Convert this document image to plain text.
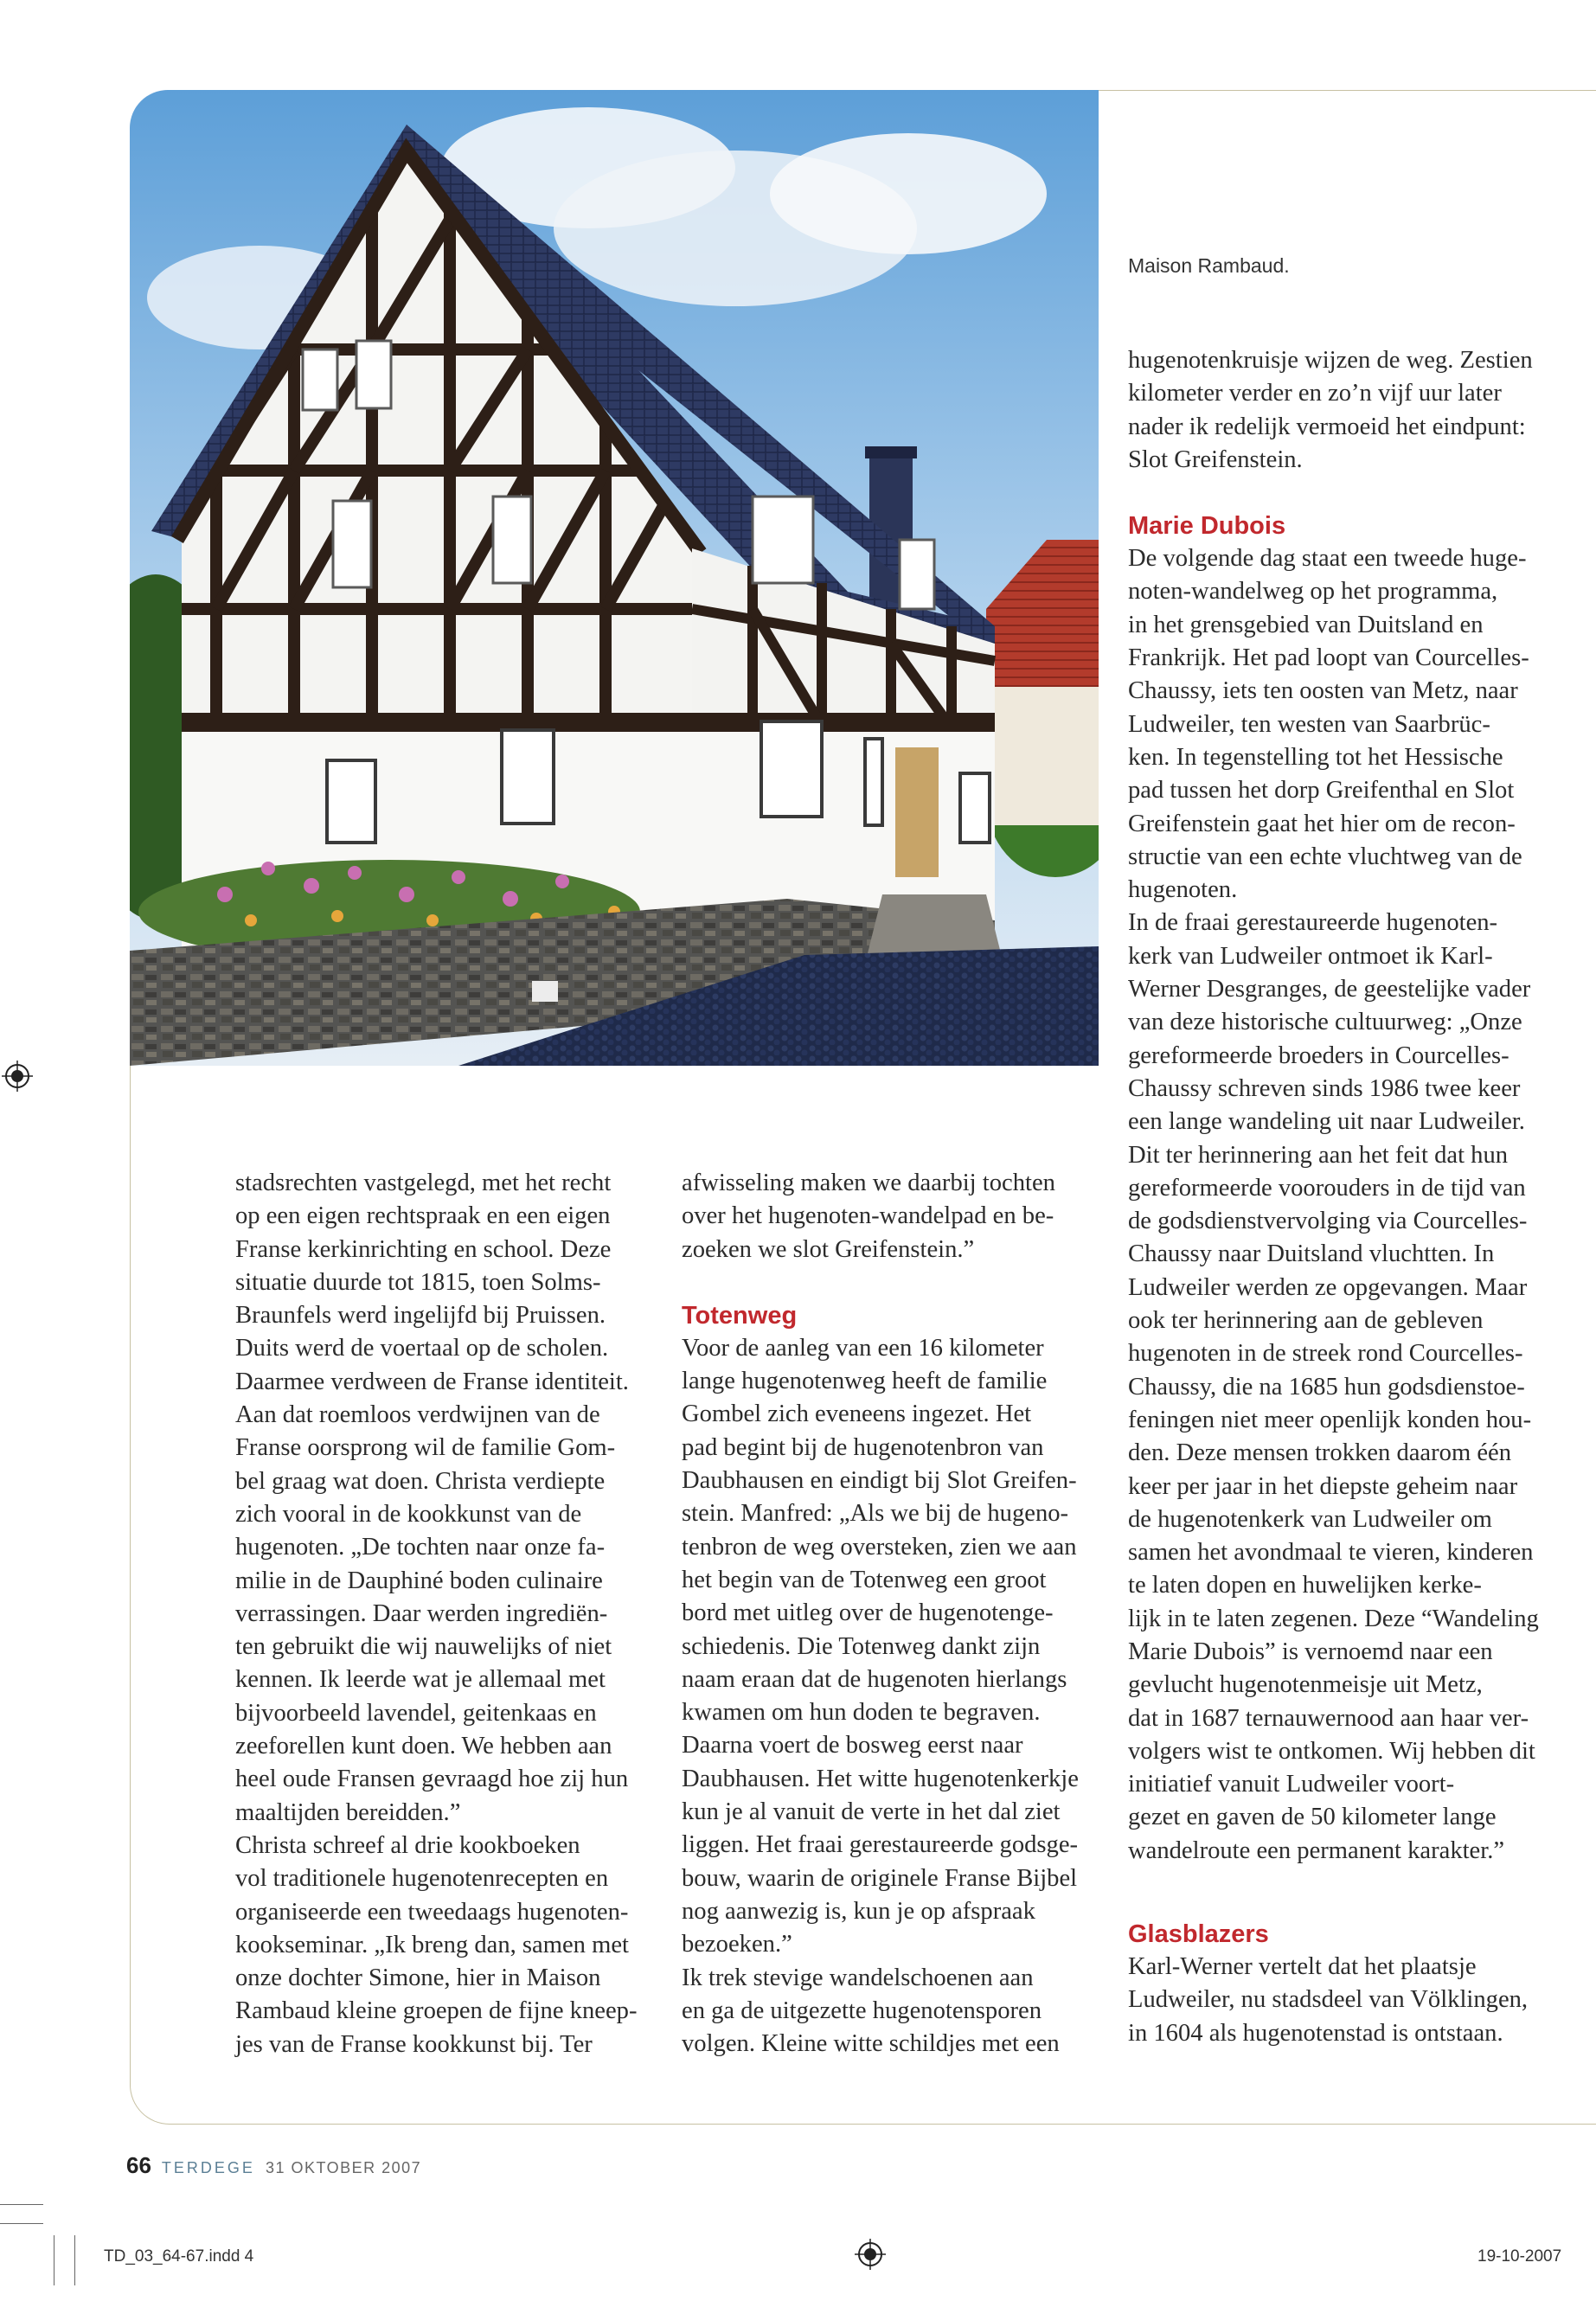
Maison Rambaud.

stadsrechten vastgelegd, met het recht

op een eigen rechtspraak en een eigen

Franse kerkinrichting en school. Deze

situatie duurde tot 1815, toen Solms-

Braunfels werd ingelijfd bij Pruissen.

Duits werd de voertaal op de scholen.

Daarmee verdween de Franse identiteit.

Aan dat roemloos verdwijnen van de

Franse oorsprong wil de familie Gom-

bel graag wat doen. Christa verdiepte

zich vooral in de kookkunst van de

hugenoten. „De tochten naar onze fa-

milie in de Dauphiné boden culinaire

verrassingen. Daar werden ingrediën-

ten gebruikt die wij nauwelijks of niet

kennen. Ik leerde wat je allemaal met

bijvoorbeeld lavendel, geitenkaas en

zeeforellen kunt doen. We hebben aan

heel oude Fransen gevraagd hoe zij hun

maaltijden bereidden.”

Christa schreef al drie kookboeken

vol traditionele hugenotenrecepten en

organiseerde een tweedaags hugenoten-

kookseminar. „Ik breng dan, samen met

onze dochter Simone, hier in Maison

Rambaud kleine groepen de fijne kneep-

jes van de Franse kookkunst bij. Ter

afwisseling maken we daarbij tochten

over het hugenoten-wandelpad en be-

zoeken we slot Greifenstein.”

Totenweg

Voor de aanleg van een 16 kilometer

lange hugenotenweg heeft de familie

Gombel zich eveneens ingezet. Het

pad begint bij de hugenotenbron van

Daubhausen en eindigt bij Slot Greifen-

stein. Manfred: „Als we bij de hugeno-

tenbron de weg oversteken, zien we aan

het begin van de Totenweg een groot

bord met uitleg over de hugenotenge-

schiedenis. Die Totenweg dankt zijn

naam eraan dat de hugenoten hierlangs

kwamen om hun doden te begraven.

Daarna voert de bosweg eerst naar

Daubhausen. Het witte hugenotenkerkje

kun je al vanuit de verte in het dal ziet

liggen. Het fraai gerestaureerde godsge-

bouw, waarin de originele Franse Bijbel

nog aanwezig is, kun je op afspraak

bezoeken.”

Ik trek stevige wandelschoenen aan

en ga de uitgezette hugenotensporen

volgen. Kleine witte schildjes met een

hugenotenkruisje wijzen de weg. Zestien

kilometer verder en zo’n vijf uur later

nader ik redelijk vermoeid het eindpunt:

Slot Greifenstein.

Marie Dubois

De volgende dag staat een tweede huge-

noten-wandelweg op het programma,

in het grensgebied van Duitsland en

Frankrijk. Het pad loopt van Courcelles-

Chaussy, iets ten oosten van Metz, naar

Ludweiler, ten westen van Saarbrüc-

ken. In tegenstelling tot het Hessische

pad tussen het dorp Greifenthal en Slot

Greifenstein gaat het hier om de recon-

structie van een echte vluchtweg van de

hugenoten.

In de fraai gerestaureerde hugenoten-

kerk van Ludweiler ontmoet ik Karl-

Werner Desgranges, de geestelijke vader

van deze historische cultuurweg: „Onze

gereformeerde broeders in Courcelles-

Chaussy schreven sinds 1986 twee keer

een lange wandeling uit naar Ludweiler.

Dit ter herinnering aan het feit dat hun

gereformeerde voorouders in de tijd van

de godsdienstvervolging via Courcelles-

Chaussy naar Duitsland vluchtten. In

Ludweiler werden ze opgevangen. Maar

ook ter herinnering aan de gebleven

hugenoten in de streek rond Courcelles-

Chaussy, die na 1685 hun godsdienstoe-

feningen niet meer openlijk konden hou-

den. Deze mensen trokken daarom één

keer per jaar in het diepste geheim naar

de hugenotenkerk van Ludweiler om

samen het avondmaal te vieren, kinderen

te laten dopen en huwelijken kerke-

lijk in te laten zegenen. Deze “Wandeling

Marie Dubois” is vernoemd naar een

gevlucht hugenotenmeisje uit Metz,

dat in 1687 ternauwernood aan haar ver-

volgers wist te ontkomen. Wij hebben dit

initiatief vanuit Ludweiler voort-

gezet en gaven de 50 kilometer lange

wandelroute een permanent karakter.”

Glasblazers

Karl-Werner vertelt dat het plaatsje

Ludweiler, nu stadsdeel van Völklingen,

in 1604 als hugenotenstad is ontstaan.

66 TERDEGE 31 OKTOBER 2007
TD_03_64-67.indd 4	19-10-2007
